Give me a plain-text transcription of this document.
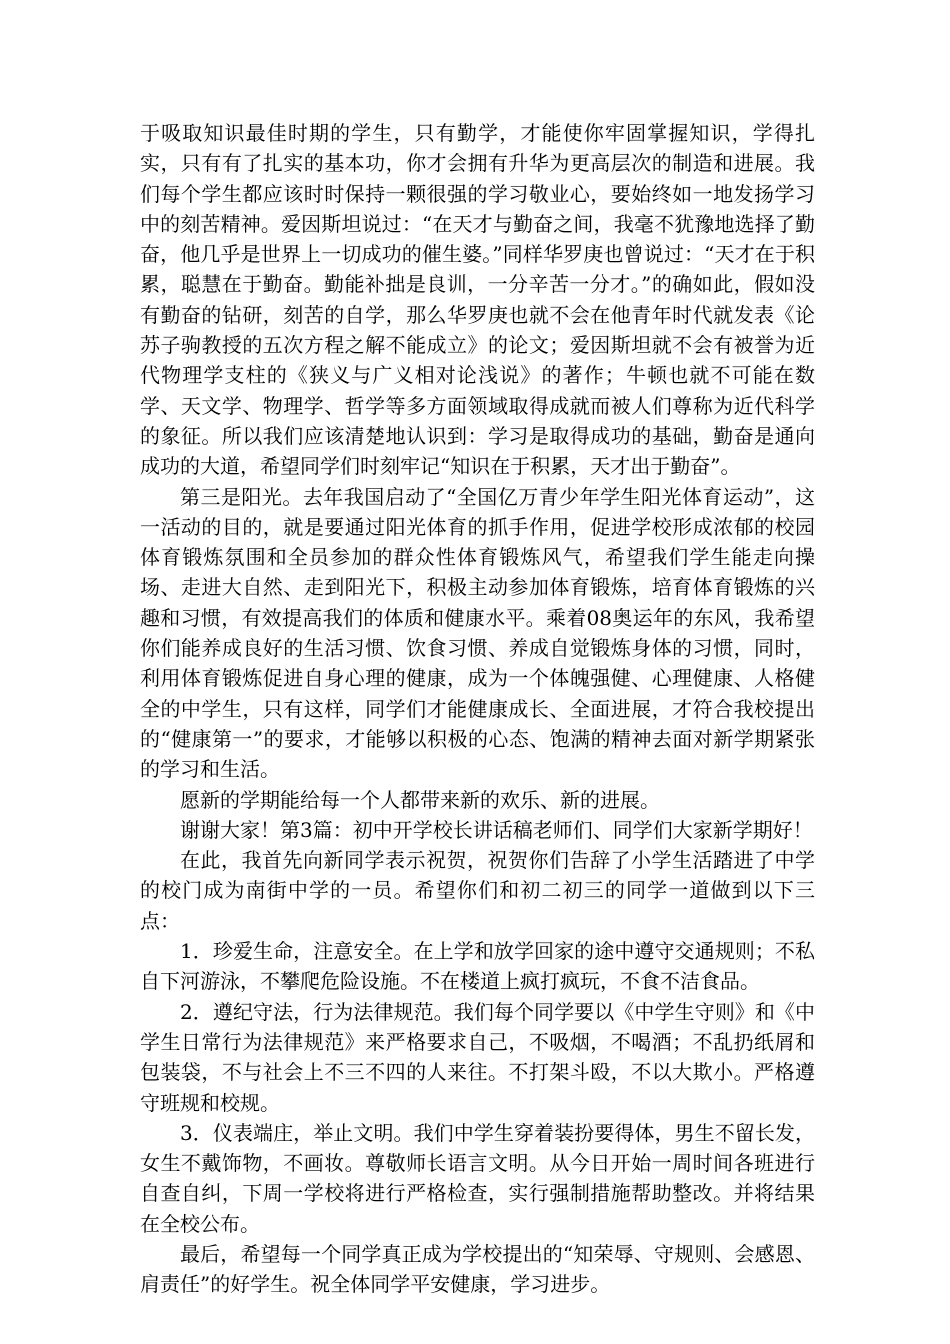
于吸取知识最佳时期的学生，只有勤学，才能使你牢固掌握知识，学得扎实，只有有了扎实的基本功，你才会拥有升华为更高层次的制造和进展。我们每个学生都应该时时保持一颗很强的学习敬业心，要始终如一地发扬学习中的刻苦精神。爱因斯坦说过：“在天才与勤奋之间，我毫不犹豫地选择了勤奋，他几乎是世界上一切成功的催生婆。”同样华罗庚也曾说过：“天才在于积累，聪慧在于勤奋。勤能补拙是良训，一分辛苦一分才。”的确如此，假如没有勤奋的钻研，刻苦的自学，那么华罗庚也就不会在他青年时代就发表《论苏子驹教授的五次方程之解不能成立》的论文；爱因斯坦就不会有被誉为近代物理学支柱的《狭义与广义相对论浅说》的著作；牛顿也就不可能在数学、天文学、物理学、哲学等多方面领域取得成就而被人们尊称为近代科学的象征。所以我们应该清楚地认识到：学习是取得成功的基础，勤奋是通向成功的大道，希望同学们时刻牢记“知识在于积累，天才出于勤奋”。

第三是阳光。去年我国启动了“全国亿万青少年学生阳光体育运动”，这一活动的目的，就是要通过阳光体育的抓手作用，促进学校形成浓郁的校园体育锻炼氛围和全员参加的群众性体育锻炼风气，希望我们学生能走向操场、走进大自然、走到阳光下，积极主动参加体育锻炼，培育体育锻炼的兴趣和习惯，有效提高我们的体质和健康水平。乘着08奥运年的东风，我希望你们能养成良好的生活习惯、饮食习惯、养成自觉锻炼身体的习惯，同时，利用体育锻炼促进自身心理的健康，成为一个体魄强健、心理健康、人格健全的中学生，只有这样，同学们才能健康成长、全面进展，才符合我校提出的“健康第一”的要求，才能够以积极的心态、饱满的精神去面对新学期紧张的学习和生活。

愿新的学期能给每一个人都带来新的欢乐、新的进展。

谢谢大家！第3篇：初中开学校长讲话稿老师们、同学们大家新学期好！

在此，我首先向新同学表示祝贺，祝贺你们告辞了小学生活踏进了中学的校门成为南街中学的一员。希望你们和初二初三的同学一道做到以下三点：

1．珍爱生命，注意安全。在上学和放学回家的途中遵守交通规则；不私自下河游泳，不攀爬危险设施。不在楼道上疯打疯玩，不食不洁食品。

2．遵纪守法，行为法律规范。我们每个同学要以《中学生守则》和《中学生日常行为法律规范》来严格要求自己，不吸烟，不喝酒；不乱扔纸屑和包装袋，不与社会上不三不四的人来往。不打架斗殴，不以大欺小。严格遵守班规和校规。

3．仪表端庄，举止文明。我们中学生穿着装扮要得体，男生不留长发，女生不戴饰物，不画妆。尊敬师长语言文明。从今日开始一周时间各班进行自查自纠，下周一学校将进行严格检查，实行强制措施帮助整改。并将结果在全校公布。

最后，希望每一个同学真正成为学校提出的“知荣辱、守规则、会感恩、肩责任”的好学生。祝全体同学平安健康，学习进步。
